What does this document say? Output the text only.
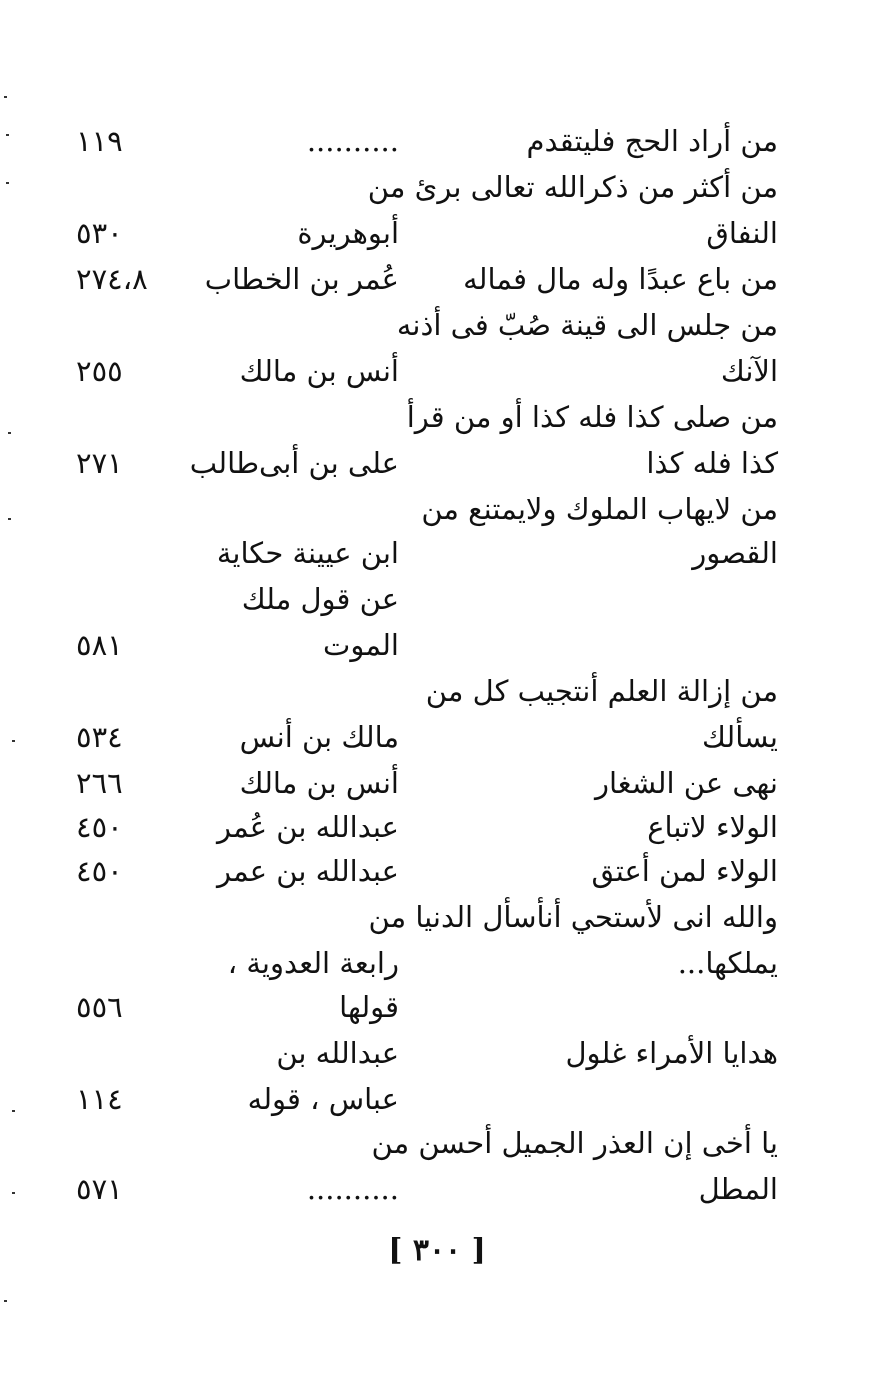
من أراد الحج فليتقدم
..........
١١٩
من أكثر من ذكرالله تعالى برئ من
النفاق
أبوهريرة
٥٣٠
من باع عبدًا وله مال فماله
عُمر بن الخطاب
٢٧٤،٨
من جلس الى قينة صُبّ فى أذنه
الآنك
أنس بن مالك
٢٥٥
من صلى كذا فله كذا أو من قرأ
كذا فله كذا
على بن أبى‌طالب
٢٧١
من لايهاب الملوك ولايمتنع من
القصور
ابن عيينة حكاية
عن قول ملك
الموت
٥٨١
من إزالة العلم أنتجيب كل من
يسألك
مالك بن أنس
٥٣٤
نهى عن الشغار
أنس بن مالك
٢٦٦
الولاء لاتباع
عبدالله بن عُمر
٤٥٠
الولاء لمن أعتق
عبدالله بن عمر
٤٥٠
والله انى لأستحي أنأسأل الدنيا من
يملكها...
رابعة العدوية ،
قولها
٥٥٦
هدايا الأمراء غلول
عبدالله بن
عباس ، قوله
١١٤
يا أخى إن العذر الجميل أحسن من
المطل
..........
٥٧١
[ ٣٠٠ ]
